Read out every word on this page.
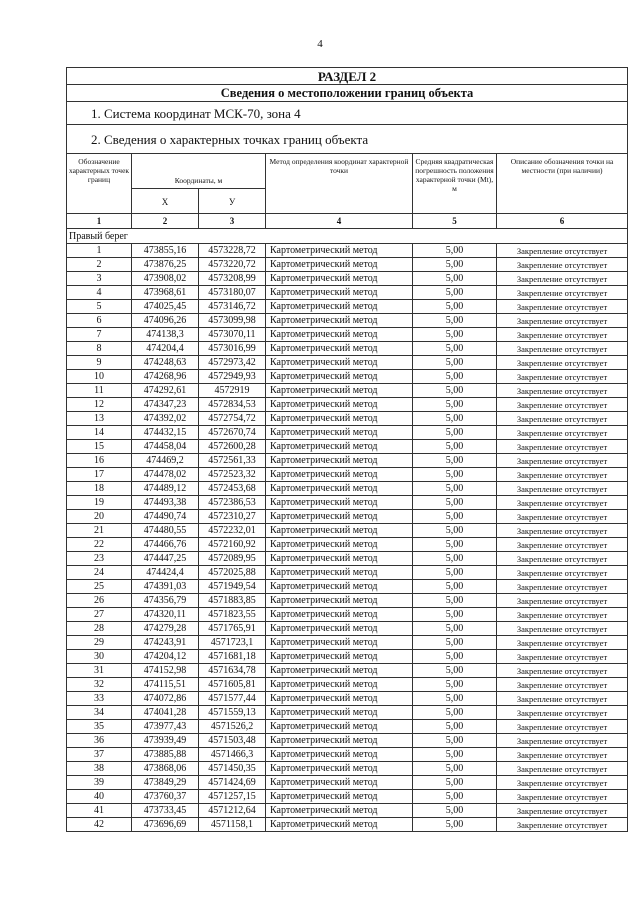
4
РАЗДЕЛ 2					
Сведения о местоположении границ объекта					
1. Система координат МСК-70, зона 4					
2. Сведения о характерных точках границ объекта					
Обозначение характерных точек границ	Координаты, м		Метод определения координат характерной точки	Средняя квадратическая погрешность положения характерной точки (Mt), м	Описание обозначения точки на местности (при наличии)
	X	У			
1	2	3	4	5	6
Правый берег					
1	473855,16	4573228,72	Картометрический метод	5,00	Закрепление отсутствует
2	473876,25	4573220,72	Картометрический метод	5,00	Закрепление отсутствует
3	473908,02	4573208,99	Картометрический метод	5,00	Закрепление отсутствует
4	473968,61	4573180,07	Картометрический метод	5,00	Закрепление отсутствует
5	474025,45	4573146,72	Картометрический метод	5,00	Закрепление отсутствует
6	474096,26	4573099,98	Картометрический метод	5,00	Закрепление отсутствует
7	474138,3	4573070,11	Картометрический метод	5,00	Закрепление отсутствует
8	474204,4	4573016,99	Картометрический метод	5,00	Закрепление отсутствует
9	474248,63	4572973,42	Картометрический метод	5,00	Закрепление отсутствует
10	474268,96	4572949,93	Картометрический метод	5,00	Закрепление отсутствует
11	474292,61	4572919	Картометрический метод	5,00	Закрепление отсутствует
12	474347,23	4572834,53	Картометрический метод	5,00	Закрепление отсутствует
13	474392,02	4572754,72	Картометрический метод	5,00	Закрепление отсутствует
14	474432,15	4572670,74	Картометрический метод	5,00	Закрепление отсутствует
15	474458,04	4572600,28	Картометрический метод	5,00	Закрепление отсутствует
16	474469,2	4572561,33	Картометрический метод	5,00	Закрепление отсутствует
17	474478,02	4572523,32	Картометрический метод	5,00	Закрепление отсутствует
18	474489,12	4572453,68	Картометрический метод	5,00	Закрепление отсутствует
19	474493,38	4572386,53	Картометрический метод	5,00	Закрепление отсутствует
20	474490,74	4572310,27	Картометрический метод	5,00	Закрепление отсутствует
21	474480,55	4572232,01	Картометрический метод	5,00	Закрепление отсутствует
22	474466,76	4572160,92	Картометрический метод	5,00	Закрепление отсутствует
23	474447,25	4572089,95	Картометрический метод	5,00	Закрепление отсутствует
24	474424,4	4572025,88	Картометрический метод	5,00	Закрепление отсутствует
25	474391,03	4571949,54	Картометрический метод	5,00	Закрепление отсутствует
26	474356,79	4571883,85	Картометрический метод	5,00	Закрепление отсутствует
27	474320,11	4571823,55	Картометрический метод	5,00	Закрепление отсутствует
28	474279,28	4571765,91	Картометрический метод	5,00	Закрепление отсутствует
29	474243,91	4571723,1	Картометрический метод	5,00	Закрепление отсутствует
30	474204,12	4571681,18	Картометрический метод	5,00	Закрепление отсутствует
31	474152,98	4571634,78	Картометрический метод	5,00	Закрепление отсутствует
32	474115,51	4571605,81	Картометрический метод	5,00	Закрепление отсутствует
33	474072,86	4571577,44	Картометрический метод	5,00	Закрепление отсутствует
34	474041,28	4571559,13	Картометрический метод	5,00	Закрепление отсутствует
35	473977,43	4571526,2	Картометрический метод	5,00	Закрепление отсутствует
36	473939,49	4571503,48	Картометрический метод	5,00	Закрепление отсутствует
37	473885,88	4571466,3	Картометрический метод	5,00	Закрепление отсутствует
38	473868,06	4571450,35	Картометрический метод	5,00	Закрепление отсутствует
39	473849,29	4571424,69	Картометрический метод	5,00	Закрепление отсутствует
40	473760,37	4571257,15	Картометрический метод	5,00	Закрепление отсутствует
41	473733,45	4571212,64	Картометрический метод	5,00	Закрепление отсутствует
42	473696,69	4571158,1	Картометрический метод	5,00	Закрепление отсутствует
